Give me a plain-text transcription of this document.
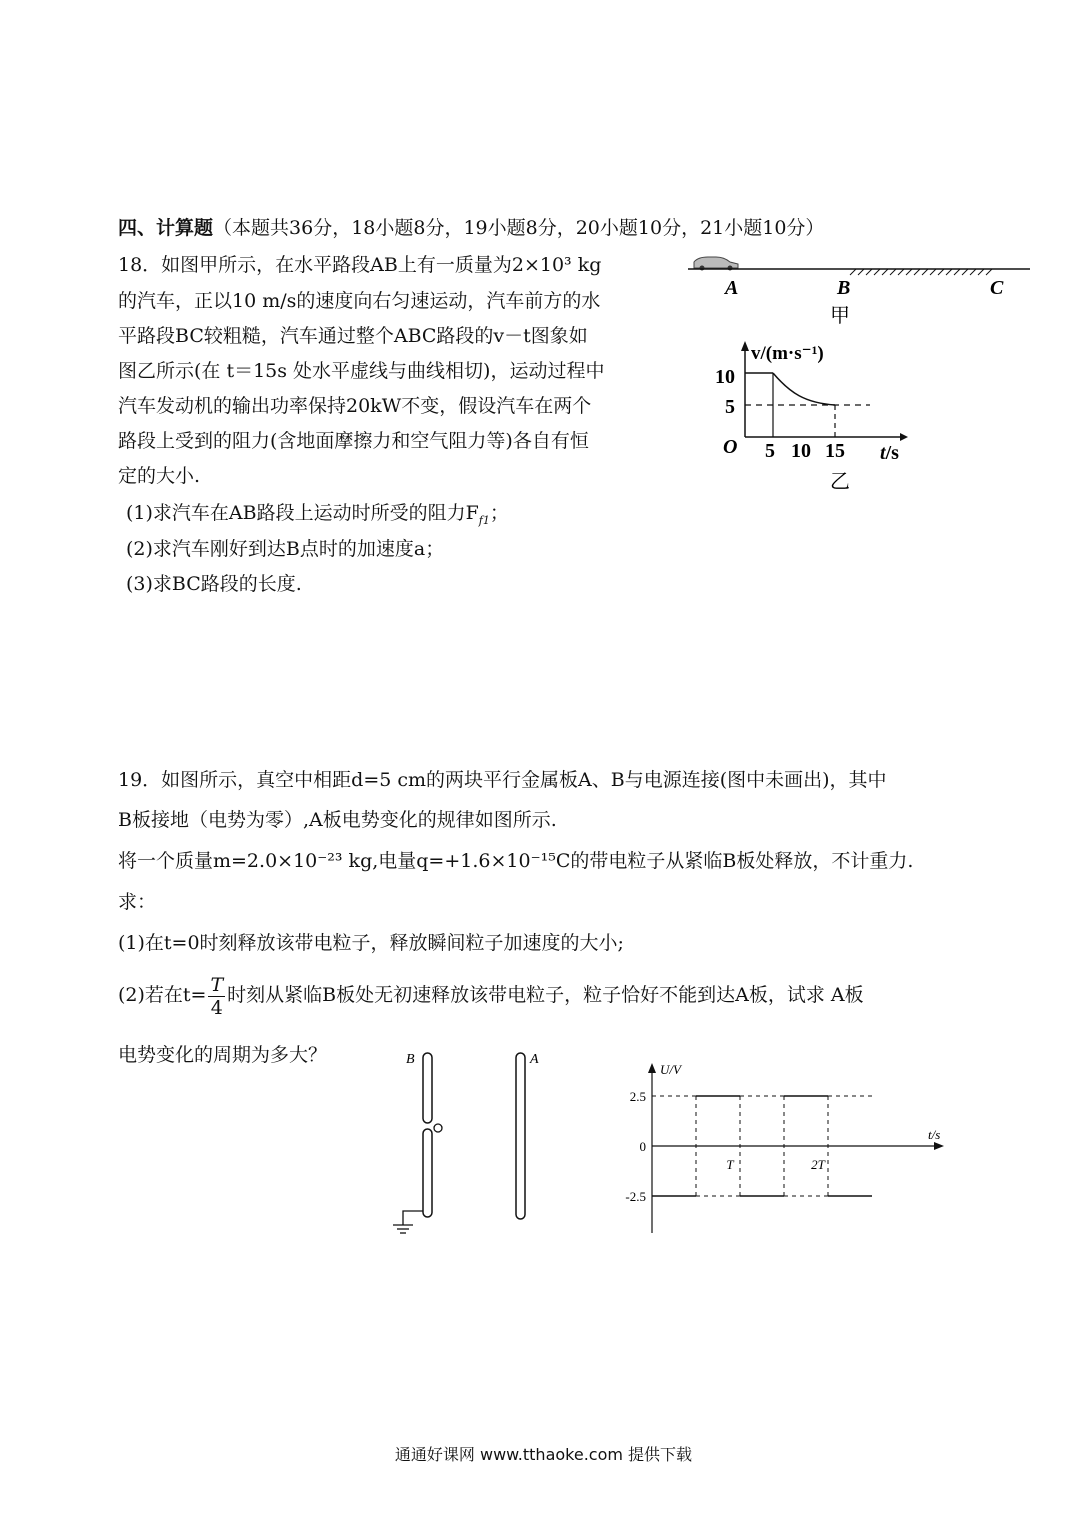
四、计算题（本题共36分，18小题8分，19小题8分，20小题10分，21小题10分）
18．如图甲所示，在水平路段AB上有一质量为2×10³ kg
的汽车，正以10 m/s的速度向右匀速运动，汽车前方的水
平路段BC较粗糙，汽车通过整个ABC路段的v－t图象如
图乙所示(在 t＝15s 处水平虚线与曲线相切)，运动过程中
汽车发动机的输出功率保持20kW不变，假设汽车在两个
路段上受到的阻力(含地面摩擦力和空气阻力等)各自有恒
定的大小.
(1)求汽车在AB路段上运动时所受的阻力$F_{f1}$；
(2)求汽车刚好到达B点时的加速度a；
(3)求BC路段的长度.
A	B	C
甲
v/(m·s⁻¹)
10
5
O 5 10 15 t/s
乙
19．如图所示，真空中相距d=5 cm的两块平行金属板A、B与电源连接(图中未画出)，其中
B板接地（电势为零）,A板电势变化的规律如图所示.
将一个质量m=2.0×10⁻²³ kg,电量q=+1.6×10⁻¹⁵C的带电粒子从紧临B板处释放，不计重力.
求：
(1)在t=0时刻释放该带电粒子，释放瞬间粒子加速度的大小;
(2)若在$t= \frac{T}{4}$ 时刻从紧临B板处无初速释放该带电粒子，粒子恰好不能到达A板，试求 A板
电势变化的周期为多大？	B	A
U/V
t/s
2.5
0
-2.5
T	2T
通通好课网 www.tthaoke.com 提供下载
